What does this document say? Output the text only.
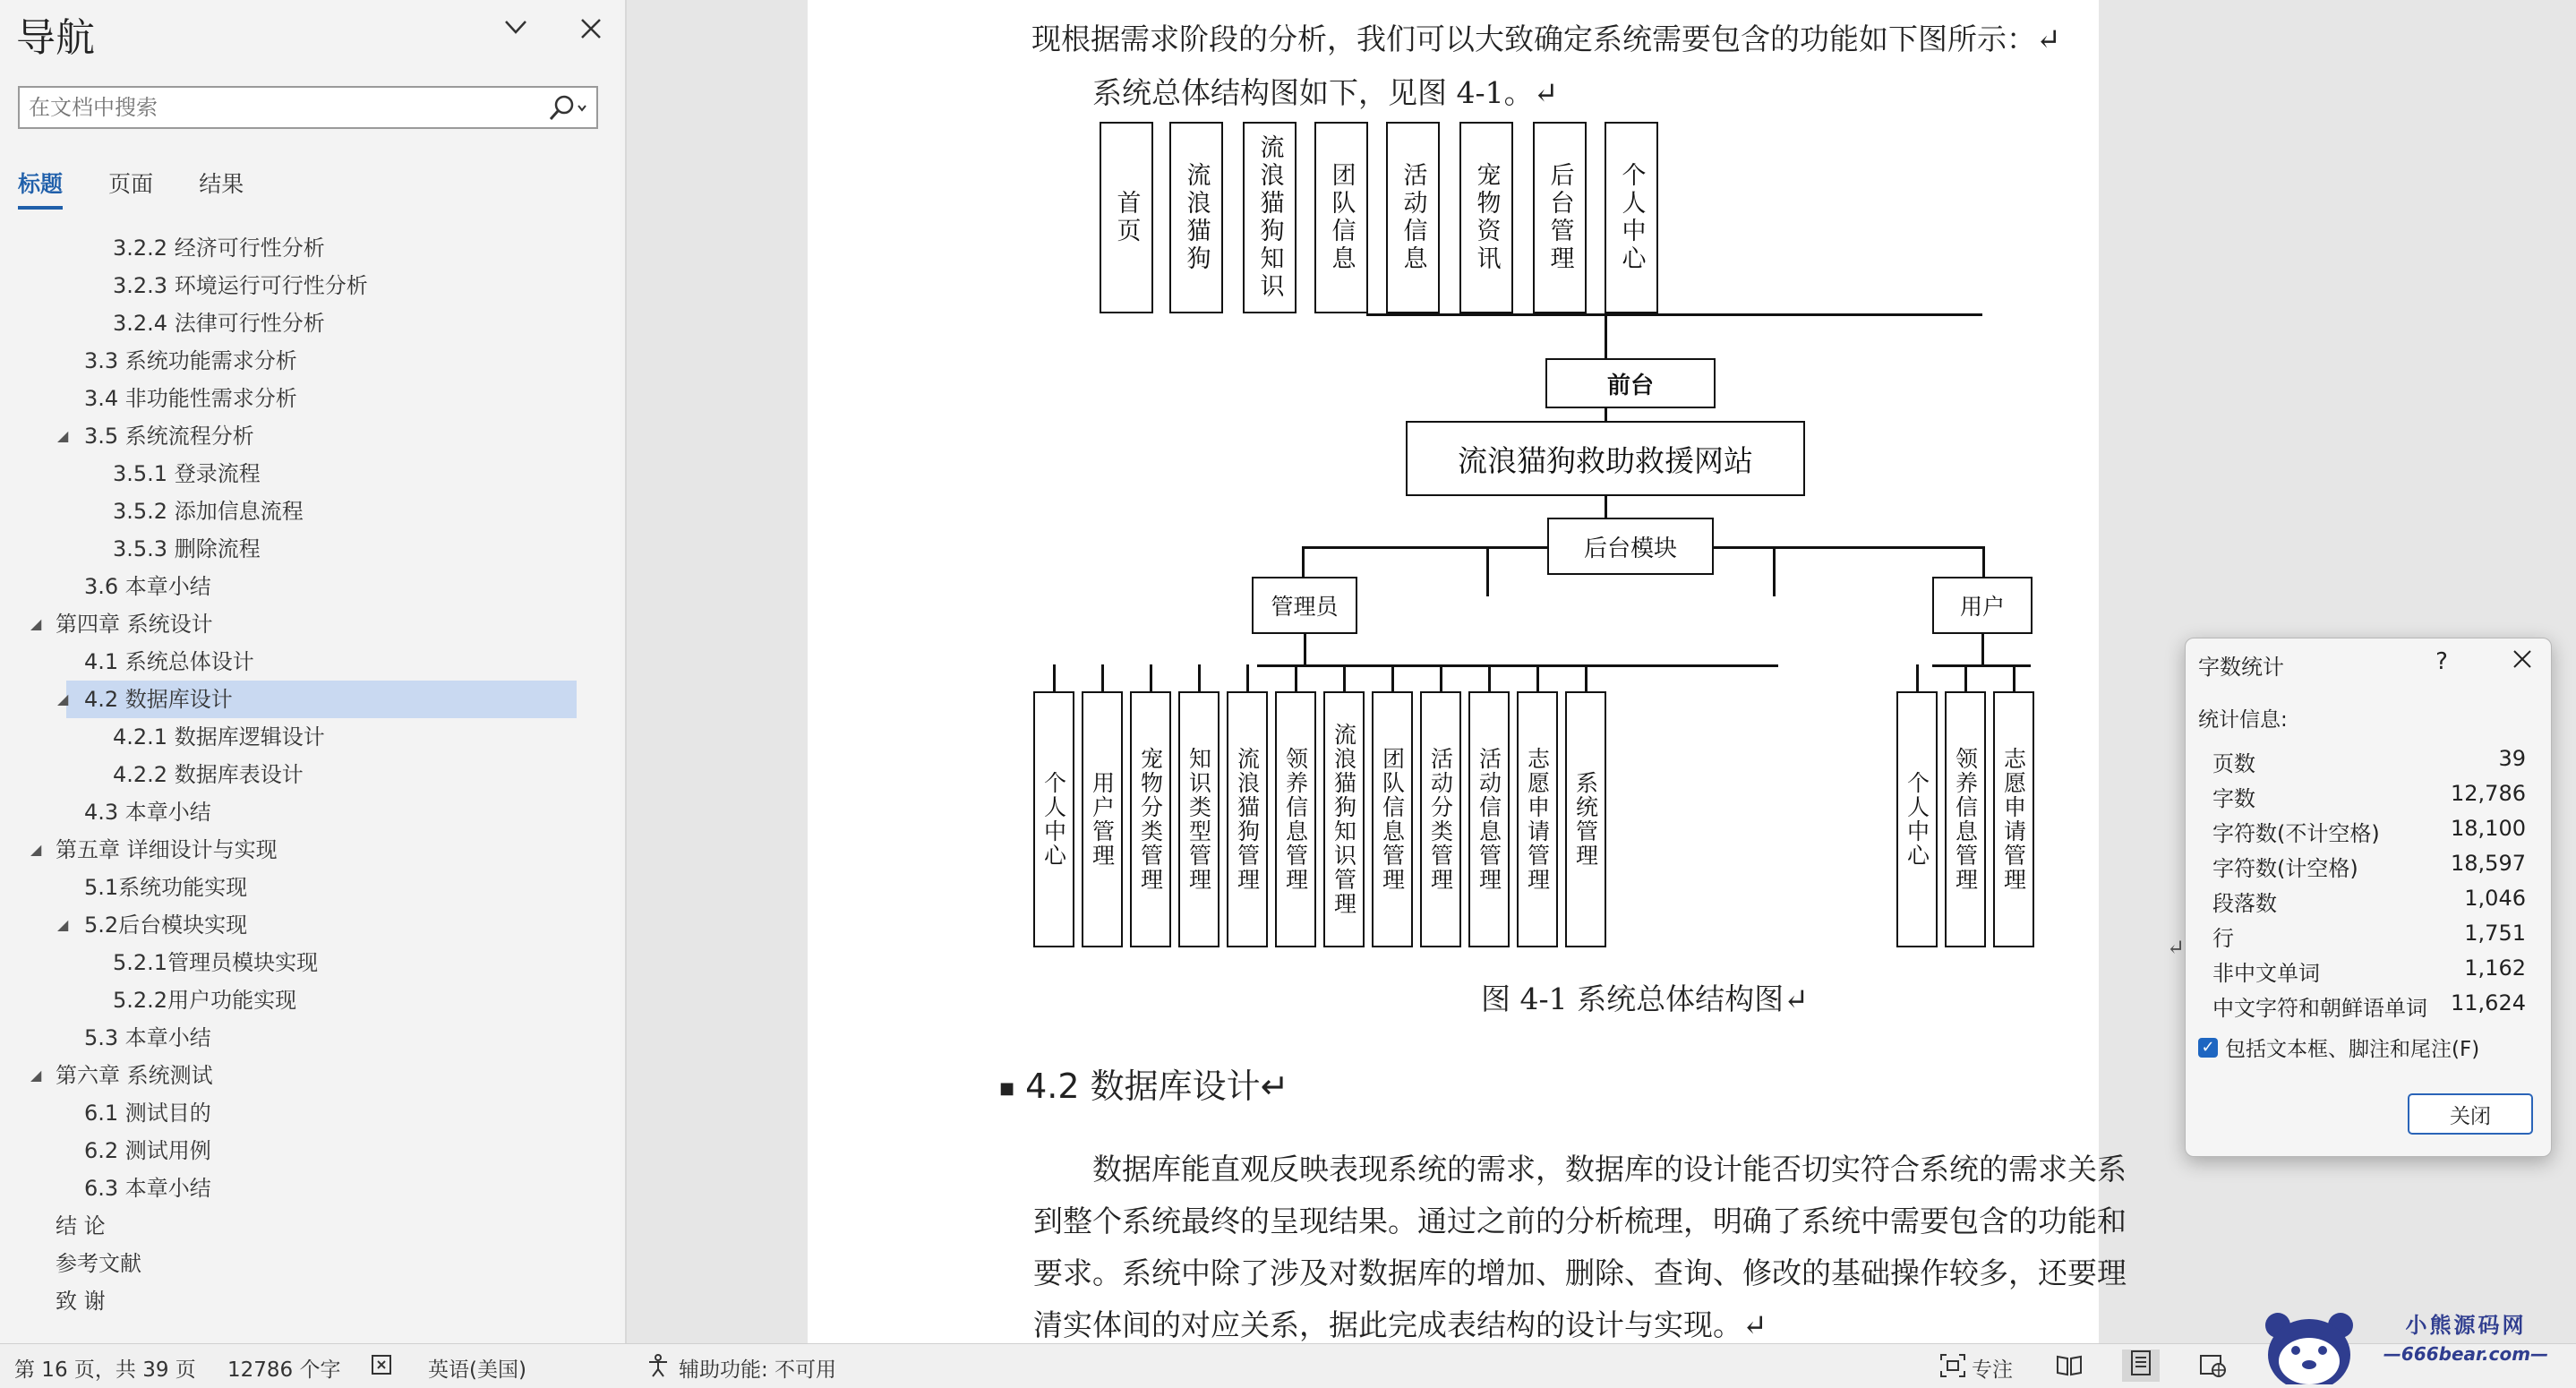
导航
在文档中搜索
标题 页面 结果
3.2.2 经济可行性分析
3.2.3 环境运行可行性分析
3.2.4 法律可行性分析
3.3 系统功能需求分析
3.4 非功能性需求分析
◢ 3.5 系统流程分析
3.5.1 登录流程
3.5.2 添加信息流程
3.5.3 删除流程
3.6 本章小结
◢ 第四章 系统设计
4.1 系统总体设计
◢ 4.2 数据库设计
4.2.1 数据库逻辑设计
4.2.2 数据库表设计
4.3 本章小结
◢ 第五章 详细设计与实现
5.1系统功能实现
◢ 5.2后台模块实现
5.2.1管理员模块实现
5.2.2用户功能实现
5.3 本章小结
◢ 第六章 系统测试
6.1 测试目的
6.2 测试用例
6.3 本章小结
结 论
参考文献
致 谢
现根据需求阶段的分析，我们可以大致确定系统需要包含的功能如下图所示：↵
系统总体结构图如下，见图 4-1。↵
首页	流浪猫狗	流浪猫狗知识	团队信息	活动信息	宠物资讯	后台管理	个人中心
前台
流浪猫狗救助救援网站
后台模块
管理员	用户
个人中心	用户管理	宠物分类管理	知识类型管理	流浪猫狗管理	领养信息管理	流浪猫狗知识管理	团队信息管理	活动分类管理	活动信息管理	志愿申请管理	系统管理	个人中心	领养信息管理	志愿申请管理
↵
图 4-1 系统总体结构图↵
■ 4.2 数据库设计↵
数据库能直观反映表现系统的需求，数据库的设计能否切实符合系统的需求关系
到整个系统最终的呈现结果。通过之前的分析梳理，明确了系统中需要包含的功能和
要求。系统中除了涉及对数据库的增加、删除、查询、修改的基础操作较多，还要理
清实体间的对应关系，据此完成表结构的设计与实现。↵
字数统计	?
统计信息:
页数	39
字数	12,786
字符数(不计空格)	18,100
字符数(计空格)	18,597
段落数	1,046
行	1,751
非中文单词	1,162
中文字符和朝鲜语单词 11,624
✓ 包括文本框、脚注和尾注(F)
关闭
第 16 页，共 39 页 12786 个字	英语(美国)	辅助功能: 不可用	专注
小熊源码网
—666bear.com—
